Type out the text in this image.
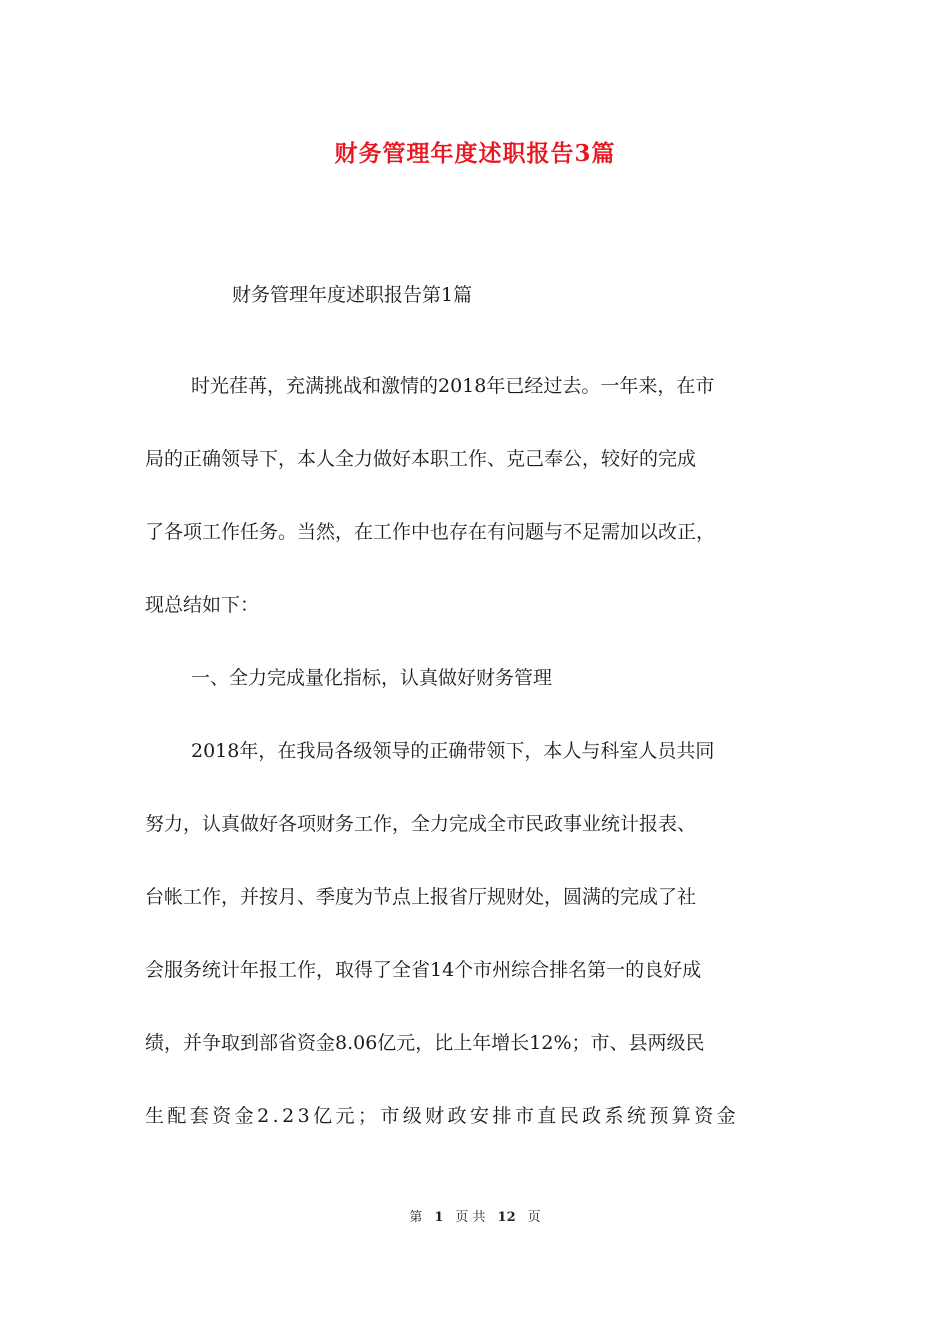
财务管理年度述职报告3篇
财务管理年度述职报告第1篇
时光荏苒，充满挑战和激情的2018年已经过去。一年来，在市
局的正确领导下，本人全力做好本职工作、克己奉公，较好的完成
了各项工作任务。当然，在工作中也存在有问题与不足需加以改正，
现总结如下：
一、全力完成量化指标，认真做好财务管理
2018年，在我局各级领导的正确带领下，本人与科室人员共同
努力，认真做好各项财务工作，全力完成全市民政事业统计报表、
台帐工作，并按月、季度为节点上报省厅规财处，圆满的完成了社
会服务统计年报工作，取得了全省14个市州综合排名第一的良好成
绩，并争取到部省资金8.06亿元，比上年增长12%；市、县两级民
生配套资金2.23亿元；市级财政安排市直民政系统预算资金
第 1 页 共 12 页
